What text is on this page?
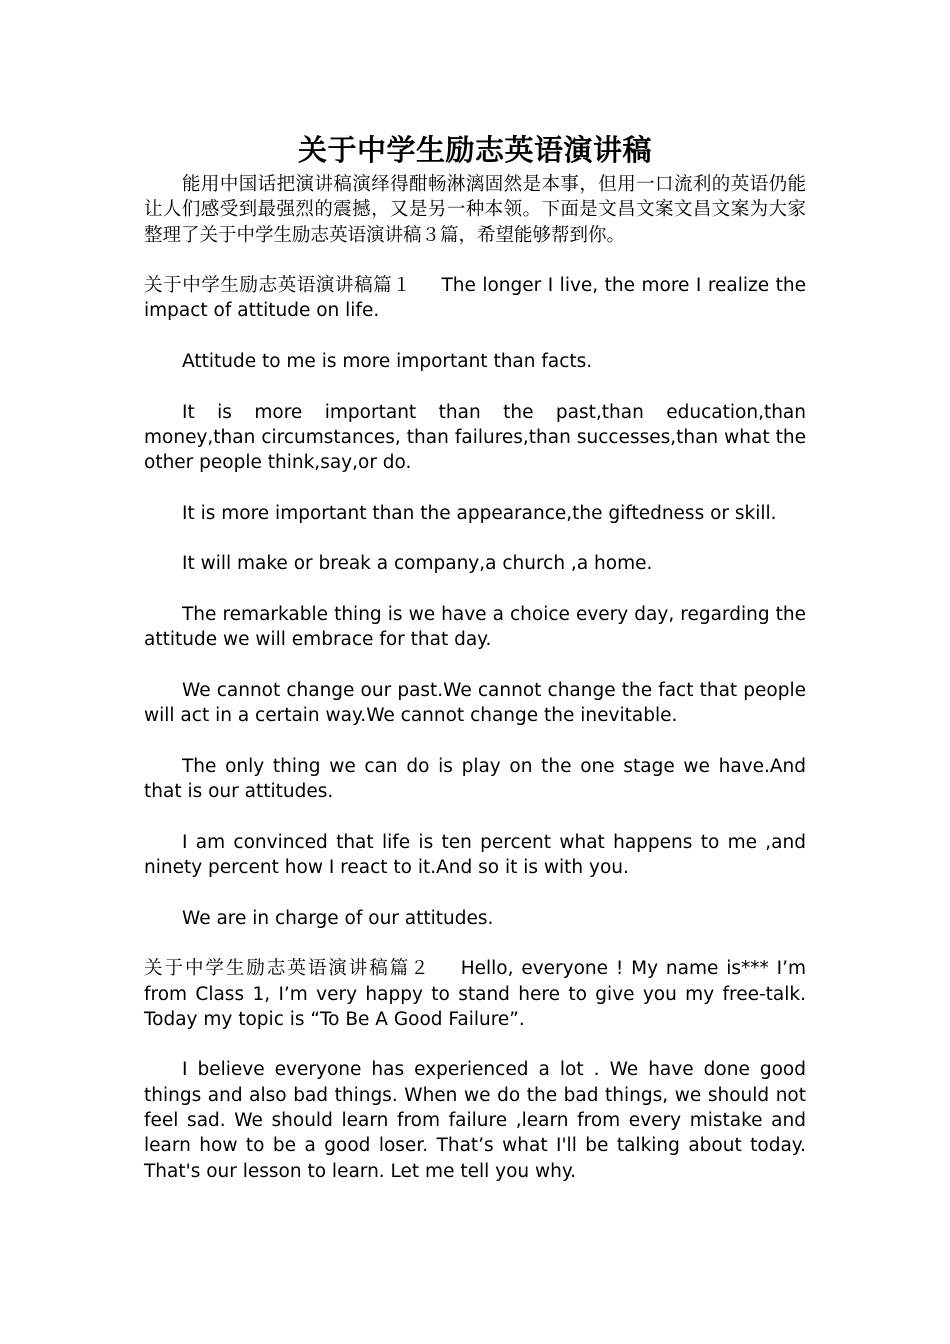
关于中学生励志英语演讲稿

能用中国话把演讲稿演绎得酣畅淋漓固然是本事，但用一口流利的英语仍能让人们感受到最强烈的震撼，又是另一种本领。下面是文昌文案文昌文案为大家整理了关于中学生励志英语演讲稿３篇，希望能够帮到你。

关于中学生励志英语演讲稿篇１ The longer I live, the more I realize the impact of attitude on life.

Attitude to me is more important than facts.

It is more important than the past,than education,than money,than circumstances, than failures,than successes,than what the other people think,say,or do.

It is more important than the appearance,the giftedness or skill.

It will make or break a company,a church ,a home.

The remarkable thing is we have a choice every day, regarding the attitude we will embrace for that day.

We cannot change our past.We cannot change the fact that people will act in a certain way.We cannot change the inevitable.

The only thing we can do is play on the one stage we have.And that is our attitudes.

I am convinced that life is ten percent what happens to me ,and ninety percent how I react to it.And so it is with you.

We are in charge of our attitudes.

关于中学生励志英语演讲稿篇２ Hello, everyone ! My name is*** I’m from Class 1, I’m very happy to stand here to give you my free-talk. Today my topic is “To Be A Good Failure”.

I believe everyone has experienced a lot . We have done good things and also bad things. When we do the bad things, we should not feel sad. We should learn from failure ,learn from every mistake and learn how to be a good loser. That’s what I'll be talking about today. That's our lesson to learn. Let me tell you why.
